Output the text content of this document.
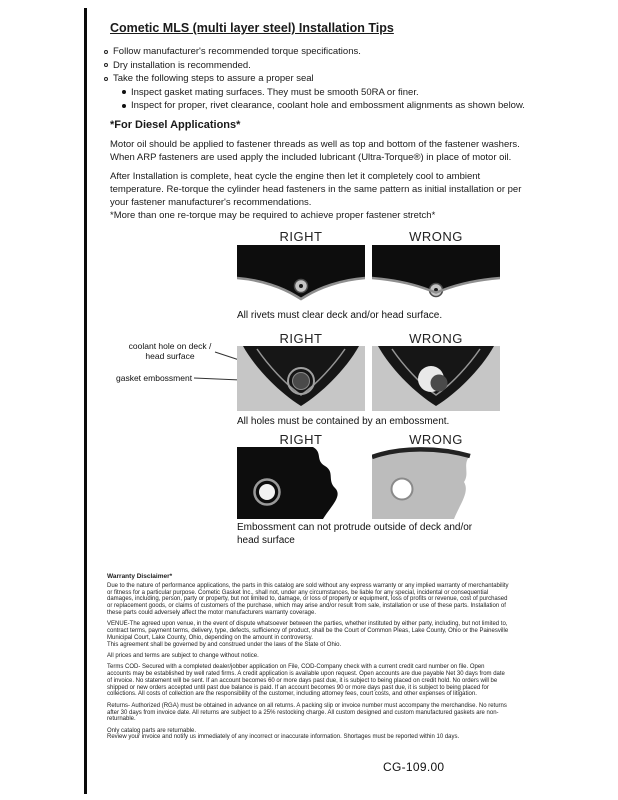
Cometic MLS (multi layer steel) Installation Tips
Follow manufacturer's recommended torque specifications.
Dry installation is recommended.
Take the following steps to assure a proper seal
Inspect gasket mating surfaces. They must be smooth 50RA or finer.
Inspect for proper, rivet clearance, coolant hole and embossment alignments as shown below.
*For Diesel Applications*

Motor oil should be applied to fastener threads as well as top and bottom of the fastener washers. When ARP fasteners are used apply the included lubricant (Ultra-Torque®) in place of motor oil.

After Installation is complete, heat cycle the engine then let it completely cool to ambient temperature. Re-torque the cylinder head fasteners in the same pattern as initial installation or per your fastener manufacturer's recommendations.

*More than one re-torque may be required to achieve proper fastener stretch*

RIGHT	WRONG

All rivets must clear deck and/or head surface.

RIGHT	WRONG
coolant hole on deck / head surface
gasket embossment

All holes must be contained by an embossment.

RIGHT	WRONG

Embossment can not protrude outside of deck and/or head surface

Warranty Disclaimer*

Due to the nature of performance applications, the parts in this catalog are sold without any express warranty or any implied warranty of merchantability or fitness for a particular purpose. Cometic Gasket Inc., shall not, under any circumstances, be liable for any special, incidental or consequential damages, including, person, party or property, but not limited to, damage, or loss of property or equipment, loss of profits or revenue, cost of purchased or replacement goods, or claims of customers of the purchase, which may arise and/or result from sale, installation or use of these parts. Installation of these parts could adversely affect the motor manufacturers warranty coverage.

VENUE-The agreed upon venue, in the event of dispute whatsoever between the parties, whether instituted by either party, including, but not limited to, contract terms, payment terms, delivery, type, defects, sufficiency of product, shall be the Court of Common Pleas, Lake County, Ohio or the Painesville Municipal Court, Lake County, Ohio, depending on the amount in controversy.

This agreement shall be governed by and construed under the laws of the State of Ohio.

All prices and terms are subject to change without notice.

Terms COD- Secured with a completed dealer/jobber application on File, COD-Company check with a current credit card number on file. Open accounts may be established by well rated firms. A credit application is available upon request. Open accounts are due payable Net 30 days from date of invoice. No statement will be sent. If an account becomes 60 or more days past due, it is subject to being placed on credit hold. No orders will be shipped or new orders accepted until past due balance is paid. If an account becomes 90 or more days past due, it is subject to being placed for collections. All costs of collection are the responsibility of the customer, including attorney fees, court costs, and other expenses of litigation.

Returns- Authorized (RGA) must be obtained in advance on all returns. A packing slip or invoice number must accompany the merchandise. No returns after 30 days from invoice date. All returns are subject to a 25% restocking charge. All custom designed and custom manufactured gaskets are non-returnable.

Only catalog parts are returnable.

Review your invoice and notify us immediately of any incorrect or inaccurate information. Shortages must be reported within 10 days.

CG-109.00
